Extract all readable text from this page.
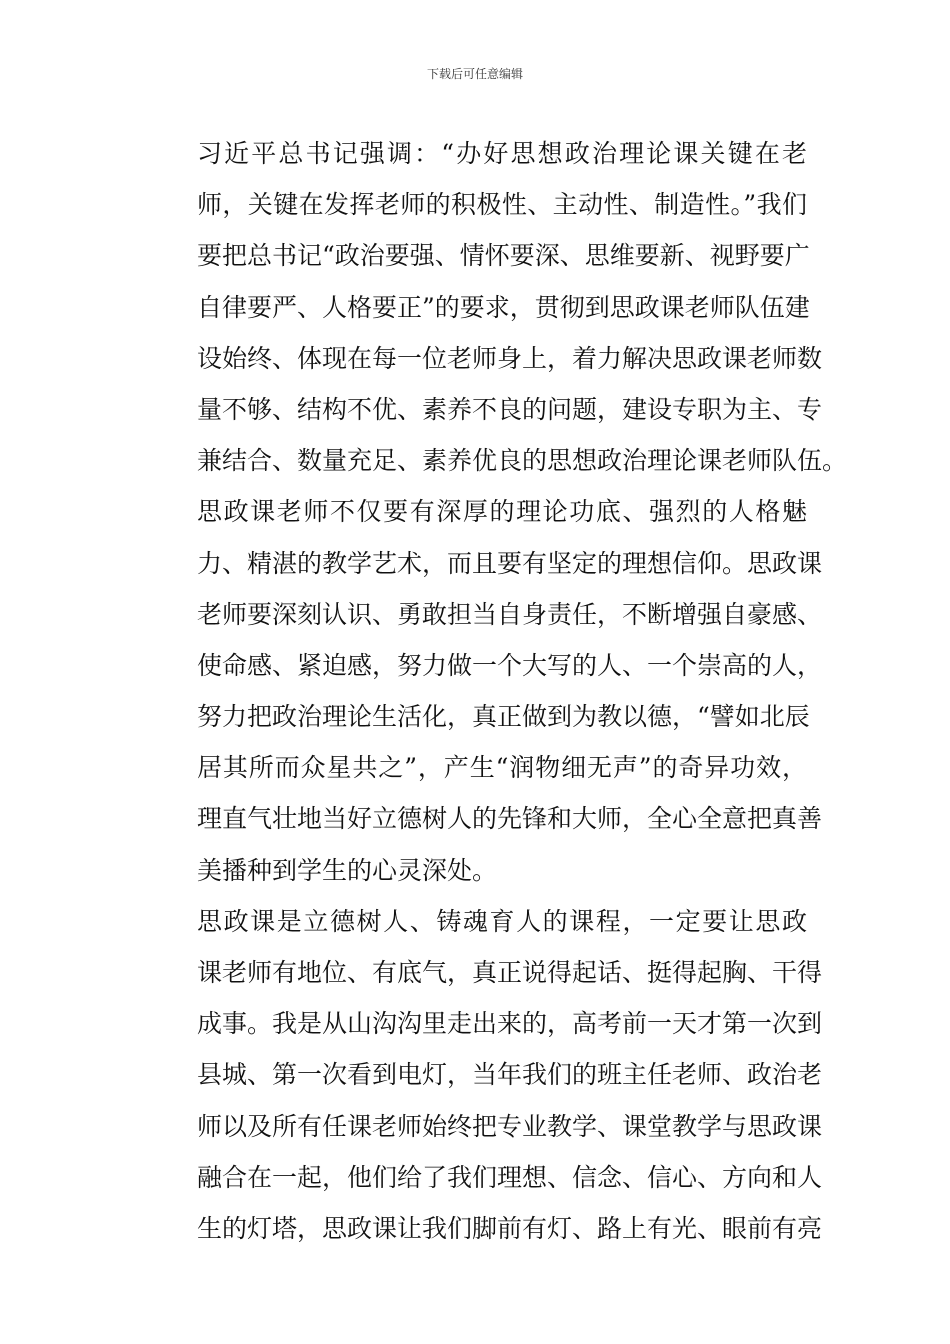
下载后可任意编辑
习近平总书记强调：“办好思想政治理论课关键在老
师，关键在发挥老师的积极性、主动性、制造性。”我们
要把总书记“政治要强、情怀要深、思维要新、视野要广
自律要严、人格要正”的要求，贯彻到思政课老师队伍建
设始终、体现在每一位老师身上，着力解决思政课老师数
量不够、结构不优、素养不良的问题，建设专职为主、专
兼结合、数量充足、素养优良的思想政治理论课老师队伍。
思政课老师不仅要有深厚的理论功底、强烈的人格魅
力、精湛的教学艺术，而且要有坚定的理想信仰。思政课
老师要深刻认识、勇敢担当自身责任，不断增强自豪感、
使命感、紧迫感，努力做一个大写的人、一个崇高的人，
努力把政治理论生活化，真正做到为教以德，“譬如北辰
居其所而众星共之”，产生“润物细无声”的奇异功效，
理直气壮地当好立德树人的先锋和大师，全心全意把真善
美播种到学生的心灵深处。
思政课是立德树人、铸魂育人的课程，一定要让思政
课老师有地位、有底气，真正说得起话、挺得起胸、干得
成事。我是从山沟沟里走出来的，高考前一天才第一次到
县城、第一次看到电灯，当年我们的班主任老师、政治老
师以及所有任课老师始终把专业教学、课堂教学与思政课
融合在一起，他们给了我们理想、信念、信心、方向和人
生的灯塔，思政课让我们脚前有灯、路上有光、眼前有亮
